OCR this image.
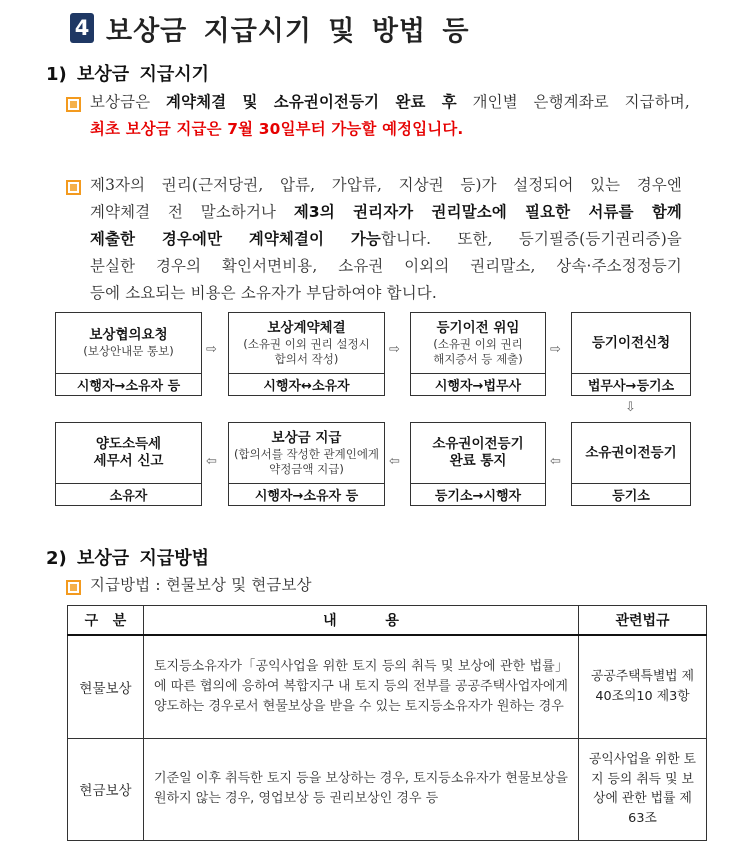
4 보상금 지급시기 및 방법 등
1) 보상금 지급시기
보상금은 계약체결 및 소유권이전등기 완료 후 개인별 은행계좌로 지급하며,
최초 보상금 지급은 7월 30일부터 가능할 예정입니다.
제3자의 권리(근저당권, 압류, 가압류, 지상권 등)가 설정되어 있는 경우엔
계약체결 전 말소하거나 제3의 권리자가 권리말소에 필요한 서류를 함께
제출한 경우에만 계약체결이 가능합니다. 또한, 등기필증(등기권리증)을
분실한 경우의 확인서면비용, 소유권 이외의 권리말소, 상속·주소정정등기
등에 소요되는 비용은 소유자가 부담하여야 합니다.
보상협의요청
(보상안내문 통보)
시행자→소유자 등
⇨
보상계약체결
(소유권 이외 권리 설정시
합의서 작성)
시행자↔소유자
⇨
등기이전 위임
(소유권 이외 권리
해지증서 등 제출)
시행자→법무사
⇨ 등기이전신청
법무사→등기소
⇩
양도소득세
세무서 신고
소유자
⇦
보상금 지급
(합의서를 작성한 관계인에게
약정금액 지급)
시행자→소유자 등
⇦
소유권이전등기
완료 통지
등기소→시행자
⇦
소유권이전등기
등기소
2) 보상금 지급방법
지급방법 : 현물보상 및 현금보상
구   분	내          용	관련법규
현물보상	토지등소유자가「공익사업을 위한 토지 등의 취득 및 보상에 관한 법률」에 따른 협의에 응하여 복합지구 내 토지 등의 전부를 공공주택사업자에게 양도하는 경우로서 현물보상을 받을 수 있는 토지등소유자가 원하는 경우	공공주택특별법 제40조의10 제3항
현금보상	기준일 이후 취득한 토지 등을 보상하는 경우, 토지등소유자가 현물보상을 원하지 않는 경우, 영업보상 등 권리보상인 경우 등	공익사업을 위한 토지 등의 취득 및 보상에 관한 법률 제63조
